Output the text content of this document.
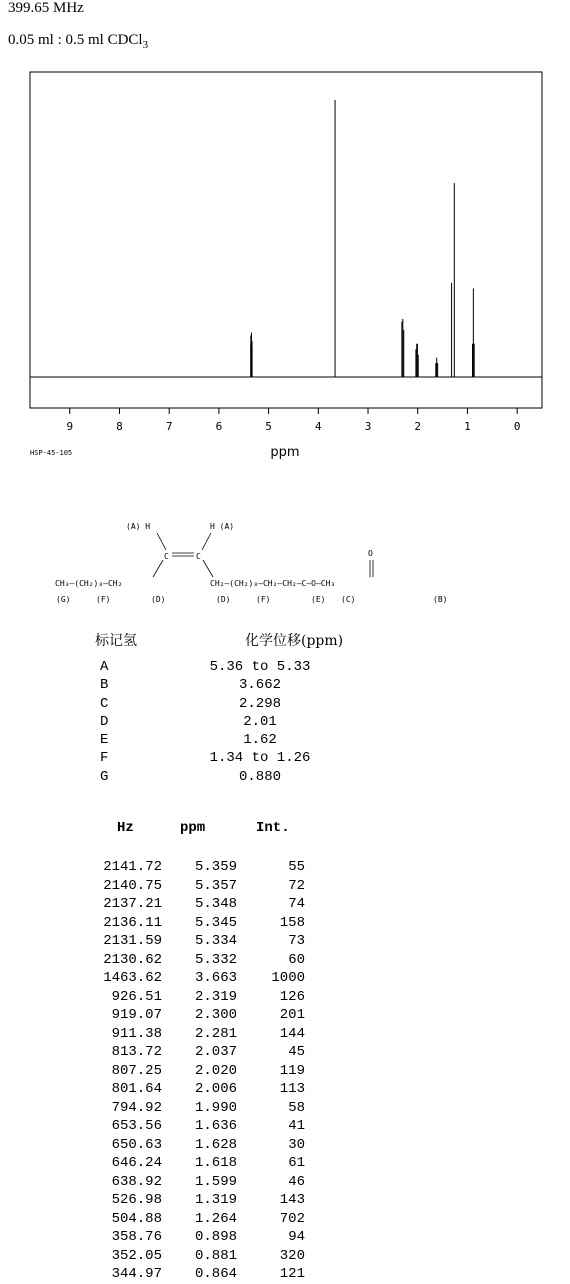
399.65 MHz
0.05 ml : 0.5 ml CDCl$_3$
9	8	7	6	5	4	3	2	1	0
ppm
HSP-45-105
(A) H	H (A)
C	C
CH₃—(CH₂)₈—CH₂	CH₂—(CH₂)₈—CH₂—CH₂—C—O—CH₃
O
(G)	(F)	(D)	(D)	(F)	(E) (C)	(B)
标记氢	化学位移(ppm)
A	5.36 to 5.33
B	3.662
C	2.298
D	2.01
E	1.62
F	1.34 to 1.26
G	0.880
Hz	ppm	Int.
2141.72	5.359	55
2140.75	5.357	72
2137.21	5.348	74
2136.11	5.345	158
2131.59	5.334	73
2130.62	5.332	60
1463.62	3.663	1000
926.51	2.319	126
919.07	2.300	201
911.38	2.281	144
813.72	2.037	45
807.25	2.020	119
801.64	2.006	113
794.92	1.990	58
653.56	1.636	41
650.63	1.628	30
646.24	1.618	61
638.92	1.599	46
526.98	1.319	143
504.88	1.264	702
358.76	0.898	94
352.05	0.881	320
344.97	0.864	121
